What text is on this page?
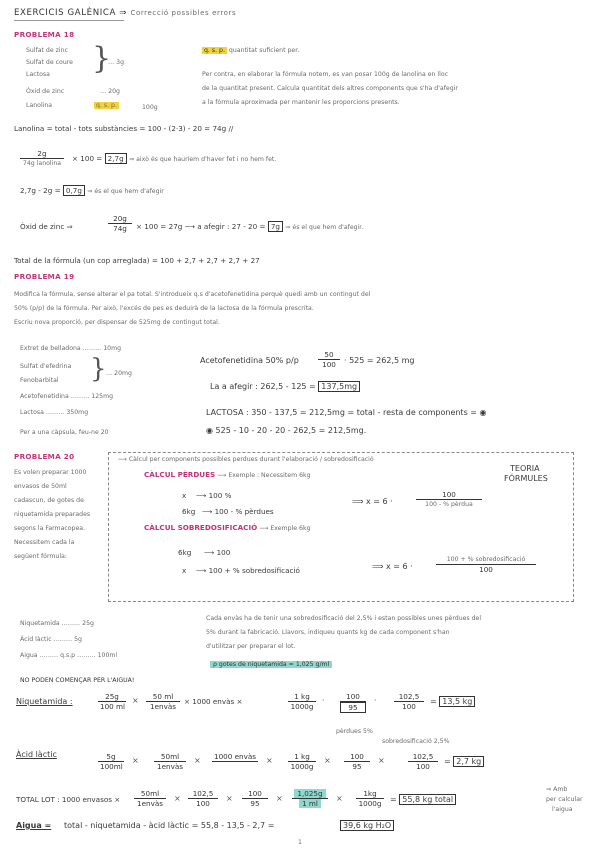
EXERCICIS GALÈNICA ⇒ Correcció possibles errors
PROBLEMA 18
Sulfat de zinc
Sulfat de coure
Lactosa }
… 3g
Òxid de zinc	… 20g
Lanolina	q. s. p.	100g
q. s. p. quantitat suficient per.
Per contra, en elaborar la fórmula notem, es van posar 100g de lanolina en lloc
de la quantitat present. Calcula quantitat dels altres components que s'ha d'afegir
a la fórmula aproximada per mantenir les proporcions presents.
Lanolina = total - tots substàncies = 100 - (2·3) - 20 = 74g //
2g
74g lanolina
× 100 = 2,7g ⇒ això és que hauríem d'haver fet i no hem fet.
2,7g - 2g = 0,7g ⇒ és el que hem d'afegir
Òxid de zinc ⇒
20g
74g	× 100 = 27g ⟶ a afegir : 27 - 20 = 7g ⇒ és el que hem d'afegir.
Total de la fórmula (un cop arreglada) = 100 + 2,7 + 2,7 + 2,7 + 27
PROBLEMA 19
Modifica la fórmula, sense alterar el pa total. S'introdueix q.s d'acetofenetidina perquè quedi amb un contingut del
50% (p/p) de la fórmula. Per això, l'excés de pes es deduirà de la lactosa de la fórmula prescrita.
Escriu nova proporció, per dispensar de 525mg de contingut total.
Extret de belladona ……… 10mg
Sulfat d'efedrina
Fenobarbital } … 20mg
Acetofenetidina ……… 125mg
Lactosa ……… 350mg
Per a una càpsula, feu-ne 20
Acetofenetidina 50% p/p
50
100	· 525 = 262,5 mg
La a afegir : 262,5 - 125 = 137,5mg
LACTOSA : 350 - 137,5 = 212,5mg = total - resta de components = ◉
◉ 525 - 10 - 20 - 20 - 262,5 = 212,5mg.
PROBLEMA 20
Es volen preparar 1000
envasos de 50ml
cadascun, de gotes de
niquetamida preparades
segons la Farmacopea.
Necessitem cada la
següent fórmula:
⟶ Càlcul per components possibles perdues durant l'elaboració / sobredosificació
TEORIA
FÓRMULES
CÀLCUL PÈRDUES ⟶ Exemple : Necessitem 6kg
x ⟶ 100 %
6kg ⟶ 100 - % pèrdues
⟹ x = 6 ·
100
100 - % pèrdua
CÀLCUL SOBREDOSIFICACIÓ ⟶ Exemple 6kg
6kg ⟶ 100
x ⟶ 100 + % sobredosificació	⟹ x = 6 ·
100 + % sobredosificació
100
Niquetamida ……… 25g
Àcid làctic ……… 5g
Aigua ……… q.s.p ……… 100ml
Cada envàs ha de tenir una sobredosificació del 2,5% i estan possibles unes pèrdues del
5% durant la fabricació. Llavors, indiqueu quants kg de cada component s'han
d'utilitzar per preparar el lot.
ρ gotes de niquetamida = 1,025 g/ml
NO PODEN COMENÇAR PER L'AIGUA!
Niquetamida :
25g
100 ml
×	50 ml
1envàs
× 1000 envàs ×
1 kg
1000g
·	100
95
·	102,5
100
= 13,5 kg
pèrdues 5%
sobredosificació 2,5%
Àcid làctic	5g
100ml
×	50ml
1envàs
× 1000 envàs
×	1 kg
1000g
×	100
95
×	102,5
100
= 2,7 kg
TOTAL LOT : 1000 envasos ×
50ml
1envàs
×
102,5
100
×
100
95
×
1,025g
1 ml
×
1kg
1000g	= 55,8 kg total
⇒ Amb
per calcular
l'aigua
Aigua = total - niquetamida - àcid làctic = 55,8 - 13,5 - 2,7 =	39,6 kg H₂O
1
